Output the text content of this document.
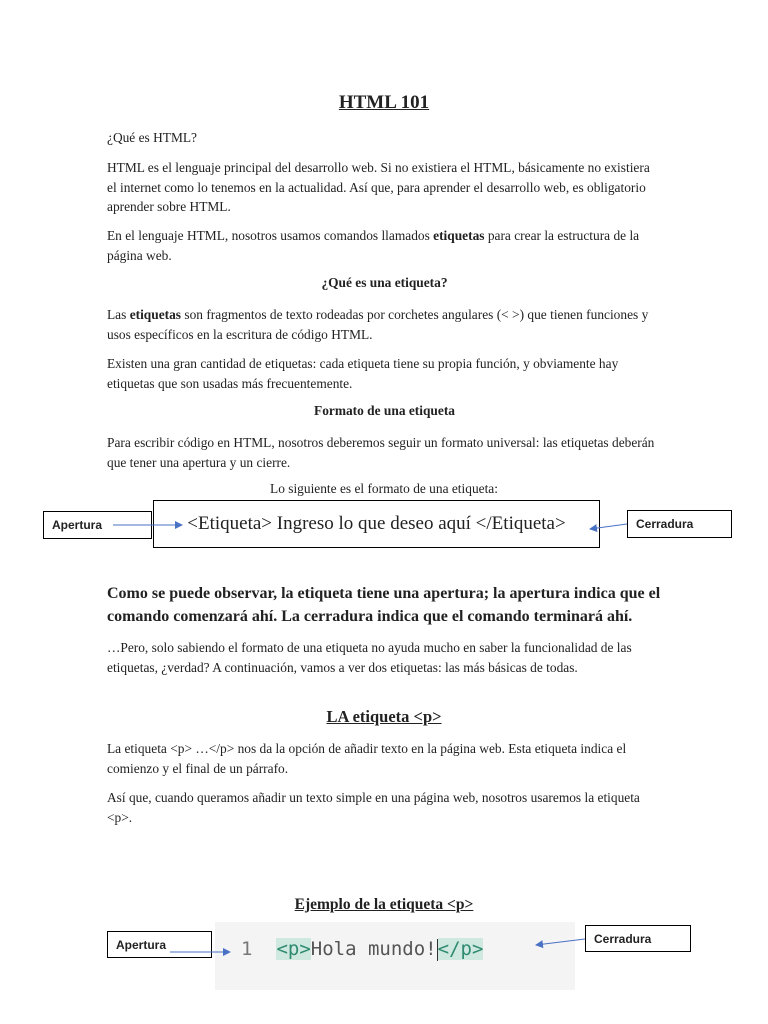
HTML 101
¿Qué es HTML?
HTML es el lenguaje principal del desarrollo web. Si no existiera el HTML, básicamente no existiera el internet como lo tenemos en la actualidad. Así que, para aprender el desarrollo web, es obligatorio aprender sobre HTML.
En el lenguaje HTML, nosotros usamos comandos llamados etiquetas para crear la estructura de la página web.
¿Qué es una etiqueta?
Las etiquetas son fragmentos de texto rodeadas por corchetes angulares (< >) que tienen funciones y usos específicos en la escritura de código HTML.
Existen una gran cantidad de etiquetas: cada etiqueta tiene su propia función, y obviamente hay etiquetas que son usadas más frecuentemente.
Formato de una etiqueta
Para escribir código en HTML, nosotros deberemos seguir un formato universal: las etiquetas deberán que tener una apertura y un cierre.
Lo siguiente es el formato de una etiqueta:
<Etiqueta> Ingreso lo que deseo aquí </Etiqueta>
Apertura	Cerradura
Como se puede observar, la etiqueta tiene una apertura; la apertura indica que el comando comenzará ahí. La cerradura indica que el comando terminará ahí.
…Pero, solo sabiendo el formato de una etiqueta no ayuda mucho en saber la funcionalidad de las etiquetas, ¿verdad? A continuación, vamos a ver dos etiquetas: las más básicas de todas.
LA etiqueta <p>
La etiqueta <p> …</p> nos da la opción de añadir texto en la página web. Esta etiqueta indica el comienzo y el final de un párrafo.
Así que, cuando queramos añadir un texto simple en una página web, nosotros usaremos la etiqueta <p>.
Ejemplo de la etiqueta <p>
1 <p>Hola mundo!</p>
Apertura	Cerradura
